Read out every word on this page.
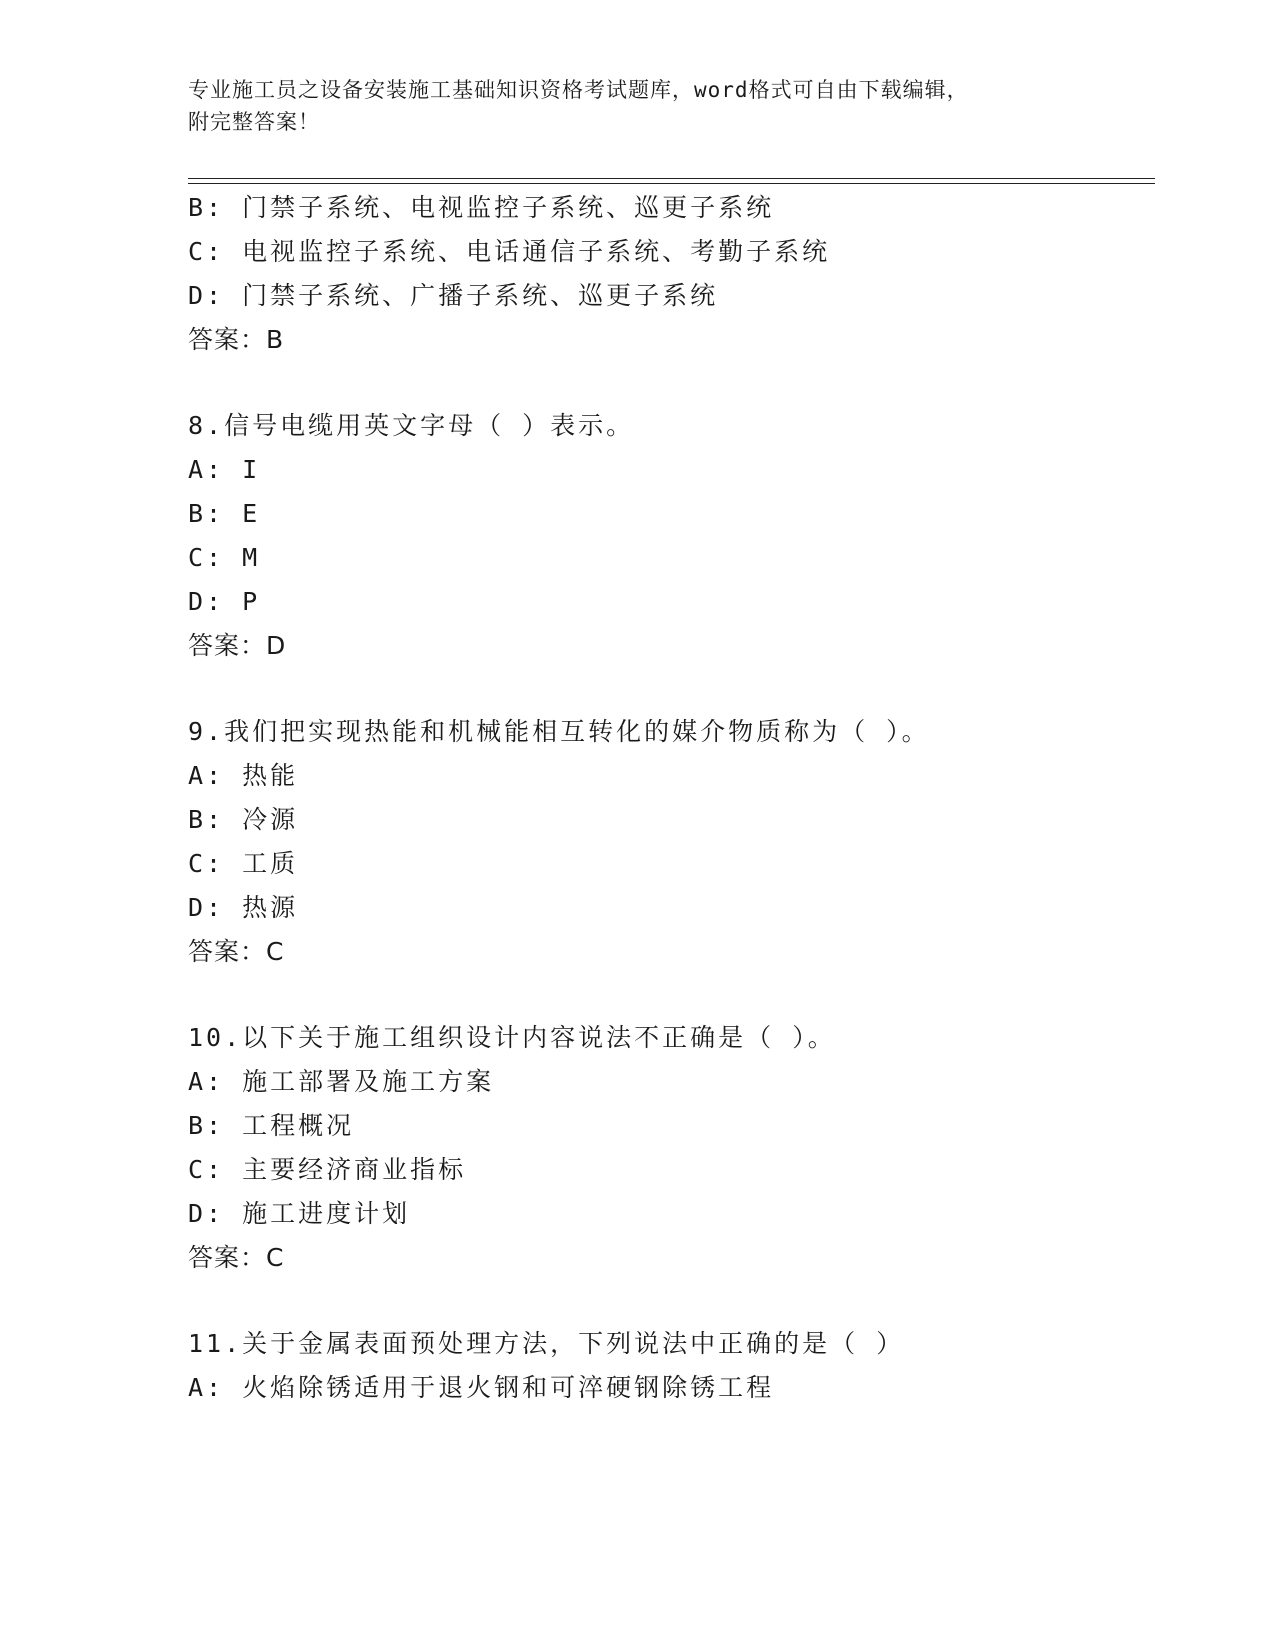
专业施工员之设备安装施工基础知识资格考试题库，word格式可自由下载编辑，
附完整答案！
B: 门禁子系统、电视监控子系统、巡更子系统
C: 电视监控子系统、电话通信子系统、考勤子系统
D: 门禁子系统、广播子系统、巡更子系统
答案：B
8.信号电缆用英文字母（ ）表示。
A: I
B: E
C: M
D: P
答案：D
9.我们把实现热能和机械能相互转化的媒介物质称为（ ）。
A: 热能
B: 冷源
C: 工质
D: 热源
答案：C
10.以下关于施工组织设计内容说法不正确是（ ）。
A: 施工部署及施工方案
B: 工程概况
C: 主要经济商业指标
D: 施工进度计划
答案：C
11.关于金属表面预处理方法，下列说法中正确的是（ ）
A: 火焰除锈适用于退火钢和可淬硬钢除锈工程
